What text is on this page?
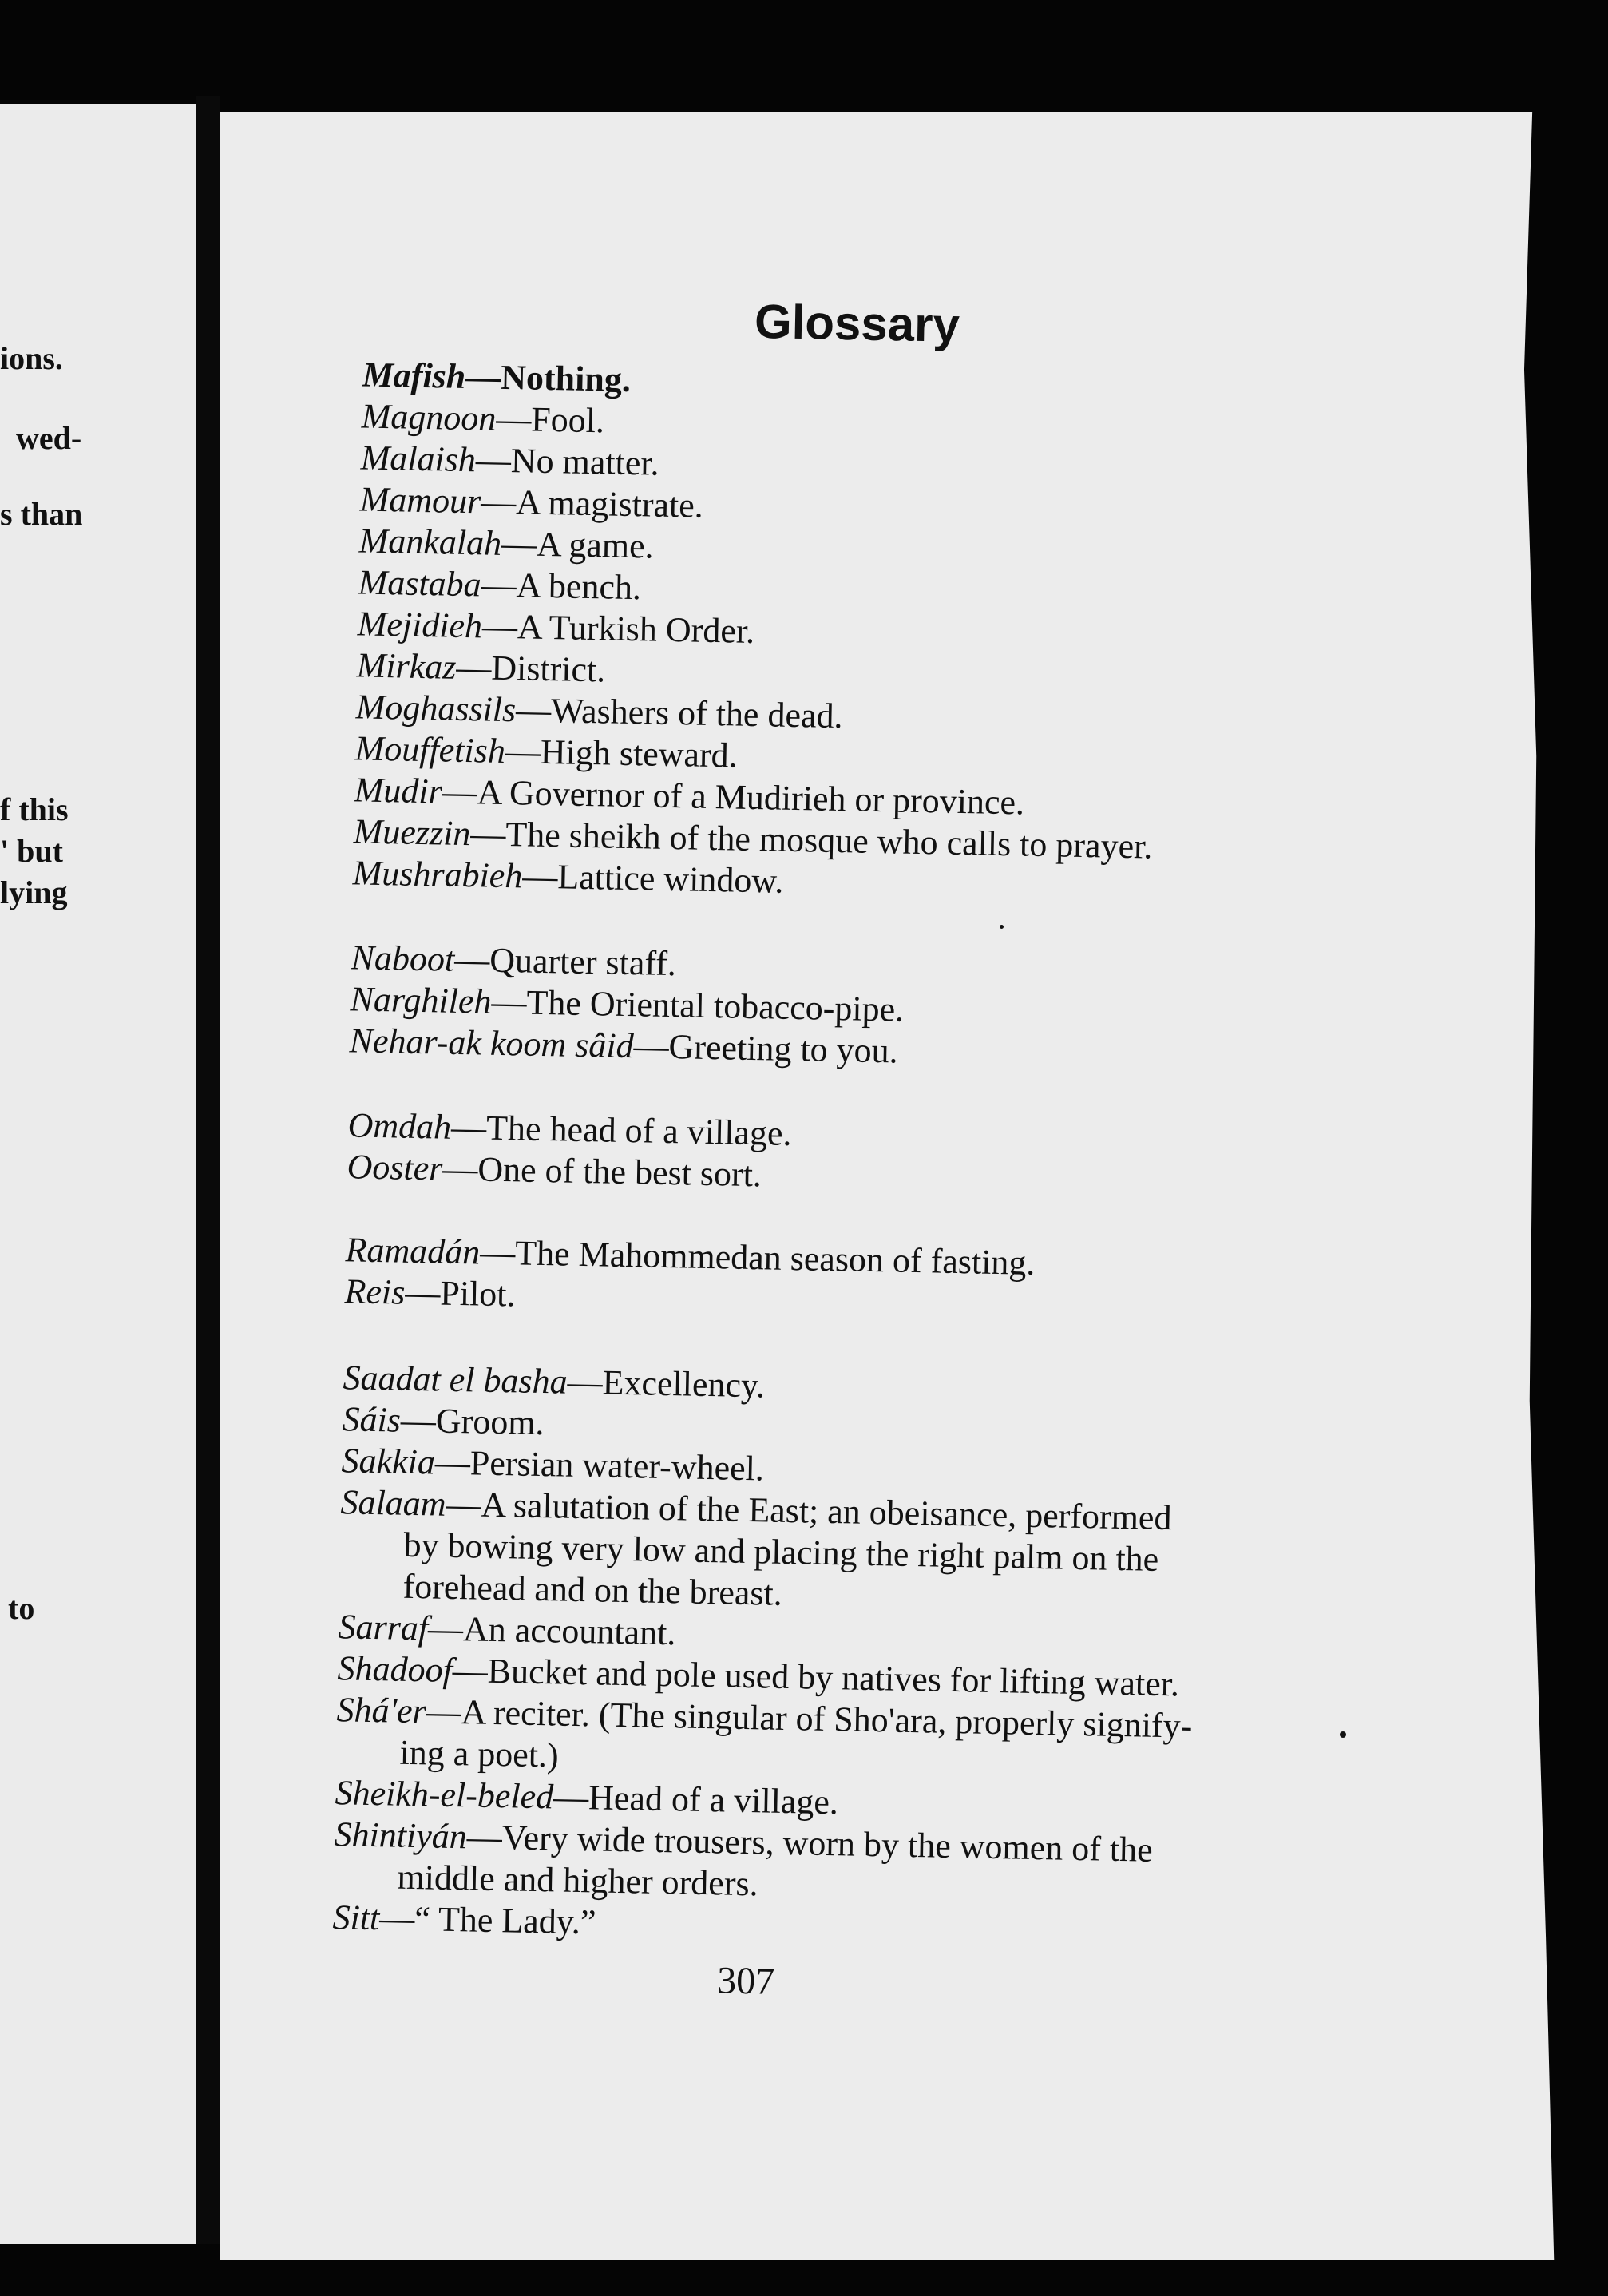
ions.
wed-
s than
f this
' but
lying
to
Glossary
Mafish—Nothing.
Magnoon—Fool.
Malaish—No matter.
Mamour—A magistrate.
Mankalah—A game.
Mastaba—A bench.
Mejidieh—A Turkish Order.
Mirkaz—District.
Moghassils—Washers of the dead.
Mouffetish—High steward.
Mudir—A Governor of a Mudirieh or province.
Muezzin—The sheikh of the mosque who calls to prayer.
Mushrabieh—Lattice window.
Naboot—Quarter staff.
Narghileh—The Oriental tobacco-pipe.
Nehar-ak koom sâid—Greeting to you.
Omdah—The head of a village.
Ooster—One of the best sort.
Ramadán—The Mahommedan season of fasting.
Reis—Pilot.
Saadat el basha—Excellency.
Sáis—Groom.
Sakkia—Persian water-wheel.
Salaam—A salutation of the East; an obeisance, performed
by bowing very low and placing the right palm on the
forehead and on the breast.
Sarraf—An accountant.
Shadoof—Bucket and pole used by natives for lifting water.
Shá'er—A reciter. (The singular of Sho'ara, properly signify-
ing a poet.)
Sheikh-el-beled—Head of a village.
Shintiyán—Very wide trousers, worn by the women of the
middle and higher orders.
Sitt—“ The Lady.”
307
